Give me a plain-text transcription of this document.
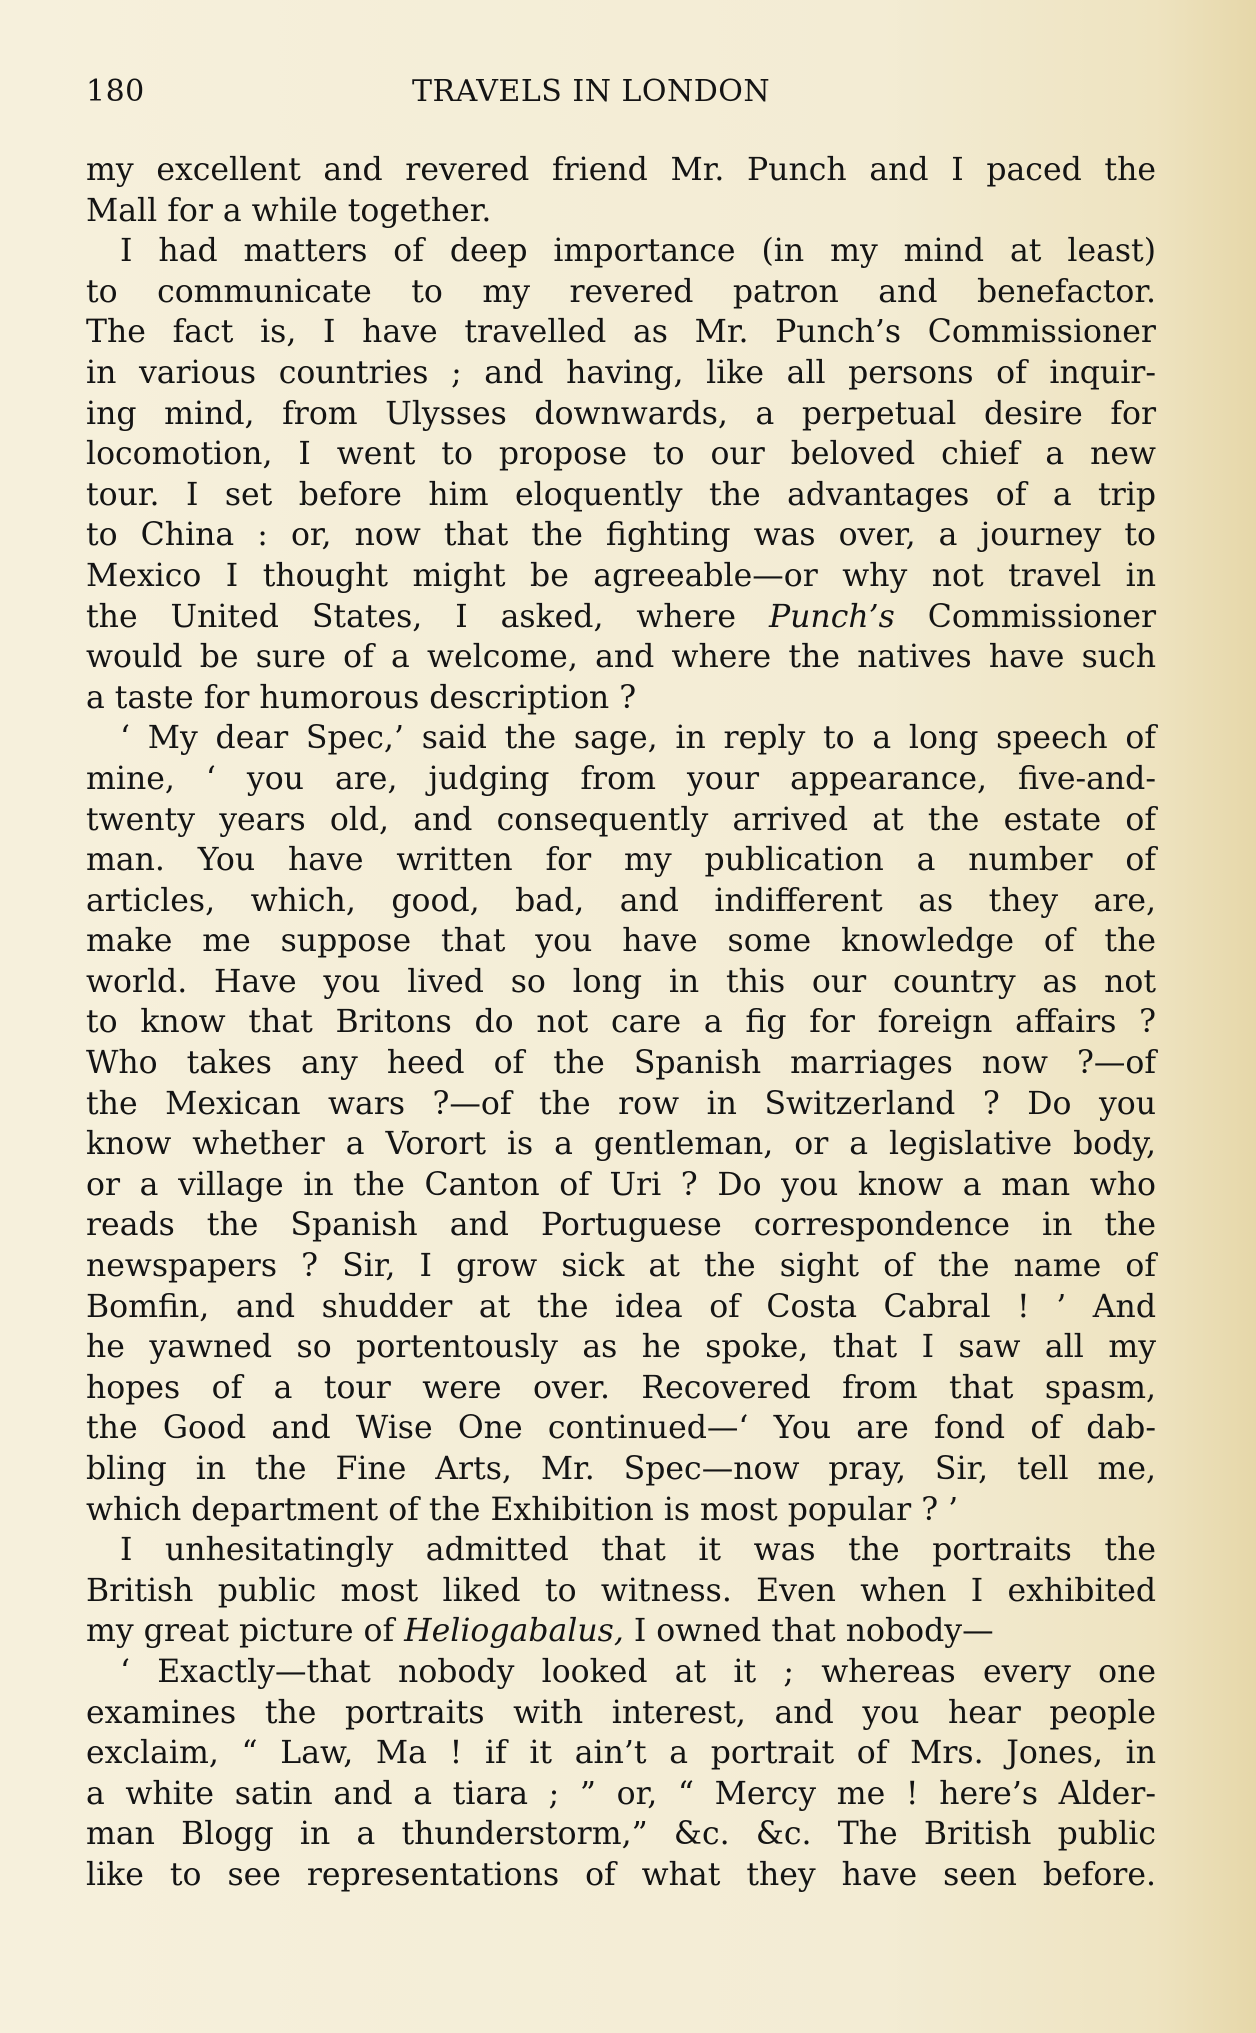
180	TRAVELS IN LONDON
my excellent and revered friend Mr. Punch and I paced the
Mall for a while together.
I had matters of deep importance (in my mind at least)
to communicate to my revered patron and benefactor.
The fact is, I have travelled as Mr. Punch’s Commissioner
in various countries ; and having, like all persons of inquir-
ing mind, from Ulysses downwards, a perpetual desire for
locomotion, I went to propose to our beloved chief a new
tour. I set before him eloquently the advantages of a trip
to China : or, now that the fighting was over, a journey to
Mexico I thought might be agreeable—or why not travel in
the United States, I asked, where Punch’s Commissioner
would be sure of a welcome, and where the natives have such
a taste for humorous description ?
‘ My dear Spec,’ said the sage, in reply to a long speech of
mine, ‘ you are, judging from your appearance, five-and-
twenty years old, and consequently arrived at the estate of
man. You have written for my publication a number of
articles, which, good, bad, and indifferent as they are,
make me suppose that you have some knowledge of the
world. Have you lived so long in this our country as not
to know that Britons do not care a fig for foreign affairs ?
Who takes any heed of the Spanish marriages now ?—of
the Mexican wars ?—of the row in Switzerland ? Do you
know whether a Vorort is a gentleman, or a legislative body,
or a village in the Canton of Uri ? Do you know a man who
reads the Spanish and Portuguese correspondence in the
newspapers ? Sir, I grow sick at the sight of the name of
Bomfin, and shudder at the idea of Costa Cabral ! ’ And
he yawned so portentously as he spoke, that I saw all my
hopes of a tour were over. Recovered from that spasm,
the Good and Wise One continued—‘ You are fond of dab-
bling in the Fine Arts, Mr. Spec—now pray, Sir, tell me,
which department of the Exhibition is most popular ? ’
I unhesitatingly admitted that it was the portraits the
British public most liked to witness. Even when I exhibited
my great picture of Heliogabalus, I owned that nobody—
‘ Exactly—that nobody looked at it ; whereas every one
examines the portraits with interest, and you hear people
exclaim, “ Law, Ma ! if it ain’t a portrait of Mrs. Jones, in
a white satin and a tiara ; ” or, “ Mercy me ! here’s Alder-
man Blogg in a thunderstorm,” &c. &c. The British public
like to see representations of what they have seen before.
